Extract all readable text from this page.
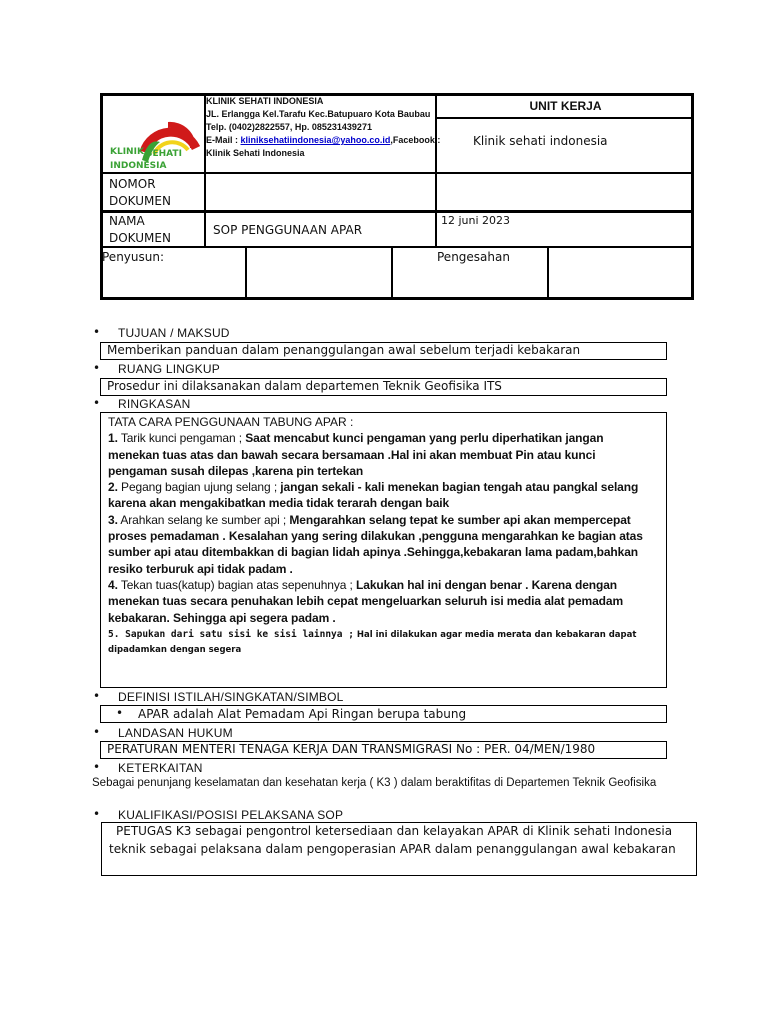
KLINIK SEHATI
INDONESIA
KLINIK SEHATI INDONESIA
JL. Erlangga Kel.Tarafu Kec.Batupuaro Kota Baubau
Telp. (0402)2822557, Hp. 085231439271
E-Mail : kliniksehatiindonesia@yahoo.co.id,Facebook :
Klinik Sehati Indonesia
UNIT KERJA
Klinik sehati indonesia
NOMOR
DOKUMEN
NAMA
DOKUMEN
SOP PENGGUNAAN APAR
12 juni 2023
Penyusun:	Pengesahan
• TUJUAN / MAKSUD
Memberikan panduan dalam penanggulangan awal sebelum terjadi kebakaran
• RUANG LINGKUP
Prosedur ini dilaksanakan dalam departemen Teknik Geofisika ITS
• RINGKASAN

TATA CARA PENGGUNAAN TABUNG APAR :

1. Tarik kunci pengaman ; Saat mencabut kunci pengaman yang perlu diperhatikan jangan menekan tuas atas dan bawah secara bersamaan .Hal ini akan membuat Pin atau kunci pengaman susah dilepas ,karena pin tertekan

2. Pegang bagian ujung selang ; jangan sekali - kali menekan bagian tengah atau pangkal selang karena akan mengakibatkan media tidak terarah dengan baik

3. Arahkan selang ke sumber api ; Mengarahkan selang tepat ke sumber api akan mempercepat proses pemadaman . Kesalahan yang sering dilakukan ,pengguna mengarahkan ke bagian atas sumber api atau ditembakkan di bagian lidah apinya .Sehingga,kebakaran lama padam,bahkan resiko terburuk api tidak padam .

4. Tekan tuas(katup) bagian atas sepenuhnya ; Lakukan hal ini dengan benar . Karena dengan menekan tuas secara penuhakan lebih cepat mengeluarkan seluruh isi media alat pemadam kebakaran. Sehingga api segera padam .

5. Sapukan dari satu sisi ke sisi lainnya ; Hal ini dilakukan agar media merata dan kebakaran dapat dipadamkan dengan segera

• DEFINISI ISTILAH/SINGKATAN/SIMBOL
• APAR adalah Alat Pemadam Api Ringan berupa tabung
• LANDASAN HUKUM
PERATURAN MENTERI TENAGA KERJA DAN TRANSMIGRASI No : PER. 04/MEN/1980
• KETERKAITAN
Sebagai penunjang keselamatan dan kesehatan kerja ( K3 ) dalam beraktiﬁtas di Departemen Teknik Geoﬁsika
• KUALIFIKASI/POSISI PELAKSANA SOP
PETUGAS K3 sebagai pengontrol ketersediaan dan kelayakan APAR di Klinik sehati Indonesia
teknik sebagai pelaksana dalam pengoperasian APAR dalam penanggulangan awal kebakaran
